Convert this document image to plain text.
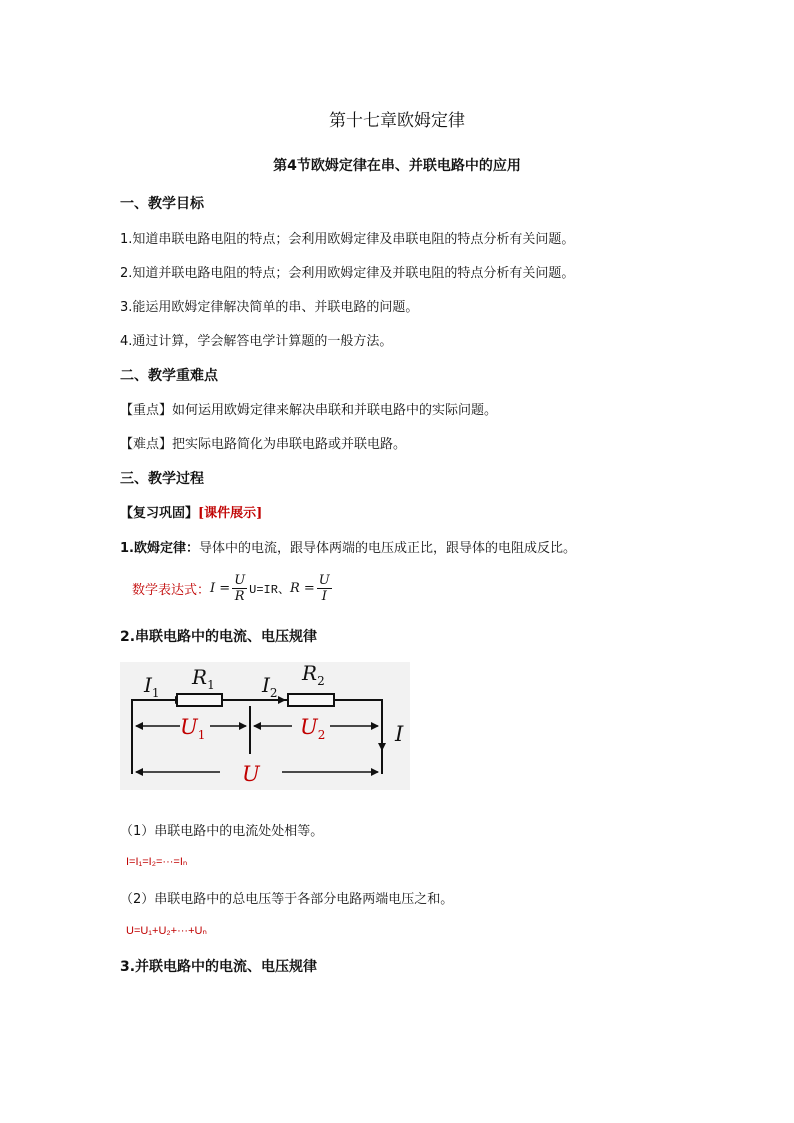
第十七章欧姆定律
第4节欧姆定律在串、并联电路中的应用
一、教学目标
1.知道串联电路电阻的特点；会利用欧姆定律及串联电阻的特点分析有关问题。
2.知道并联电路电阻的特点；会利用欧姆定律及并联电阻的特点分析有关问题。
3.能运用欧姆定律解决简单的串、并联电路的问题。
4.通过计算，学会解答电学计算题的一般方法。
二、教学重难点
【重点】如何运用欧姆定律来解决串联和并联电路中的实际问题。
【难点】把实际电路简化为串联电路或并联电路。
三、教学过程
【复习巩固】[课件展示]
1.欧姆定律：导体中的电流，跟导体两端的电压成正比，跟导体的电阻成反比。
数学表达式： $I = \frac{U}{R} U=IR$、 $R = \frac{U}{I}$
2.串联电路中的电流、电压规律
$I_1$
$R_1$ $I_2$
$R_2$
$U_1$	$U_2$	I
U
（1）串联电路中的电流处处相等。
I=I₁=I₂=···=Iₙ
（2）串联电路中的总电压等于各部分电路两端电压之和。
U=U₁+U₂+···+Uₙ
3.并联电路中的电流、电压规律
